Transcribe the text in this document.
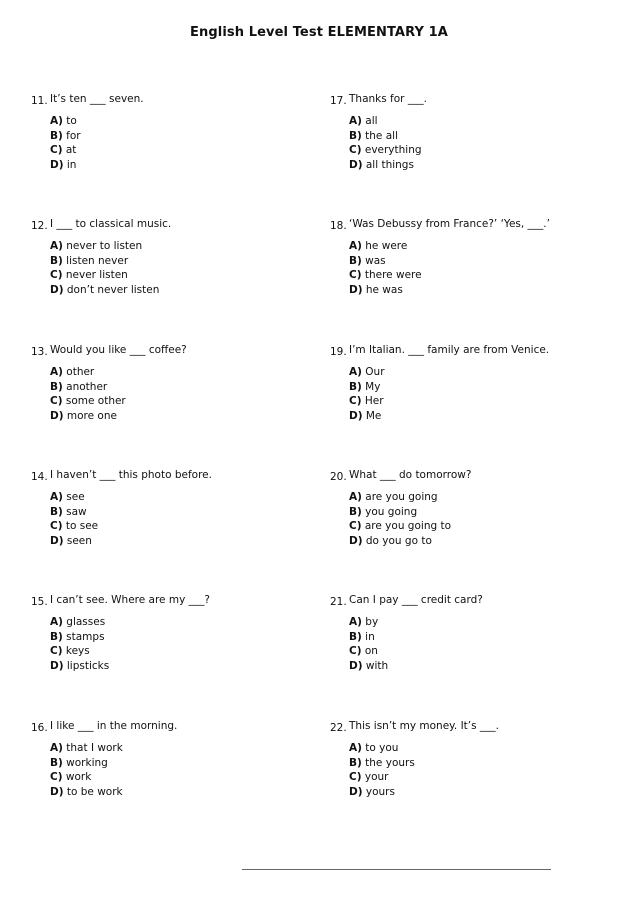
English Level Test ELEMENTARY 1A
11. It’s ten ___ seven.
A) to
B) for
C) at
D) in
12. I ___ to classical music.
A) never to listen
B) listen never
C) never listen
D) don’t never listen
13. Would you like ___ coffee?
A) other
B) another
C) some other
D) more one
14. I haven’t ___ this photo before.
A) see
B) saw
C) to see
D) seen
15. I can’t see. Where are my ___?
A) glasses
B) stamps
C) keys
D) lipsticks
16. I like ___ in the morning.
A) that I work
B) working
C) work
D) to be work
17. Thanks for ___.
A) all
B) the all
C) everything
D) all things
18. ‘Was Debussy from France?’ ‘Yes, ___.’
A) he were
B) was
C) there were
D) he was
19. I’m Italian. ___ family are from Venice.
A) Our
B) My
C) Her
D) Me
20. What ___ do tomorrow?
A) are you going
B) you going
C) are you going to
D) do you go to
21. Can I pay ___ credit card?
A) by
B) in
C) on
D) with
22. This isn’t my money. It’s ___.
A) to you
B) the yours
C) your
D) yours
